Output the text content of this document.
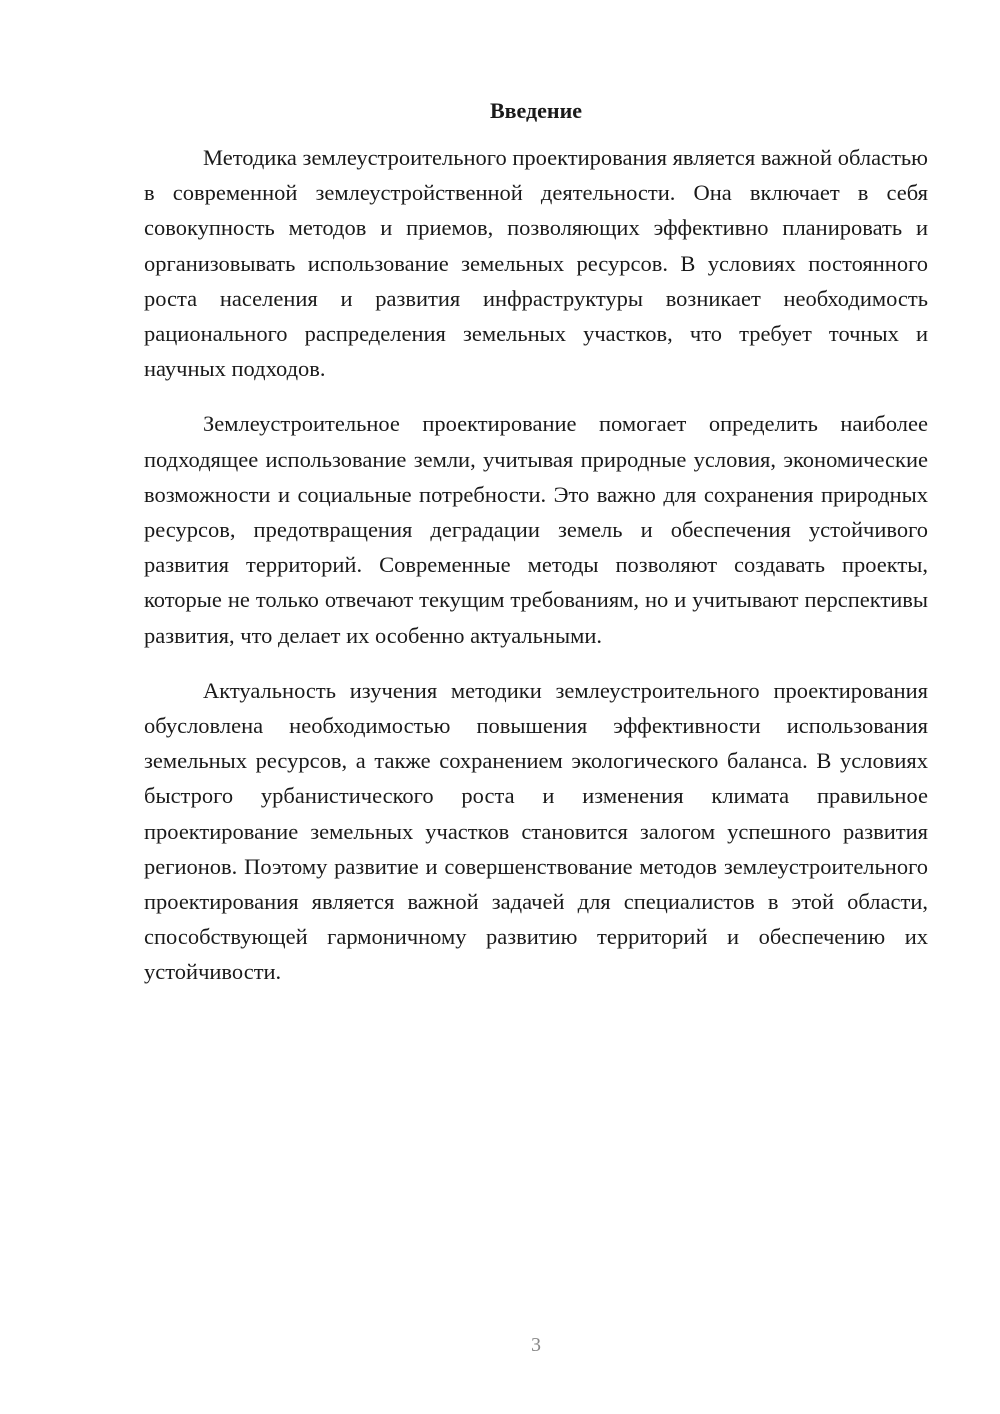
Введение

Методика землеустроительного проектирования является важной областью в современной землеустройственной деятельности. Она включает в себя совокупность методов и приемов, позволяющих эффективно планировать и организовывать использование земельных ресурсов. В условиях постоянного роста населения и развития инфраструктуры возникает необходимость рационального распределения земельных участков, что требует точных и научных подходов.

Землеустроительное проектирование помогает определить наиболее подходящее использование земли, учитывая природные условия, экономические возможности и социальные потребности. Это важно для сохранения природных ресурсов, предотвращения деградации земель и обеспечения устойчивого развития территорий. Современные методы позволяют создавать проекты, которые не только отвечают текущим требованиям, но и учитывают перспективы развития, что делает их особенно актуальными.

Актуальность изучения методики землеустроительного проектирования обусловлена необходимостью повышения эффективности использования земельных ресурсов, а также сохранением экологического баланса. В условиях быстрого урбанистического роста и изменения климата правильное проектирование земельных участков становится залогом успешного развития регионов. Поэтому развитие и совершенствование методов землеустроительного проектирования является важной задачей для специалистов в этой области, способствующей гармоничному развитию территорий и обеспечению их устойчивости.

3
